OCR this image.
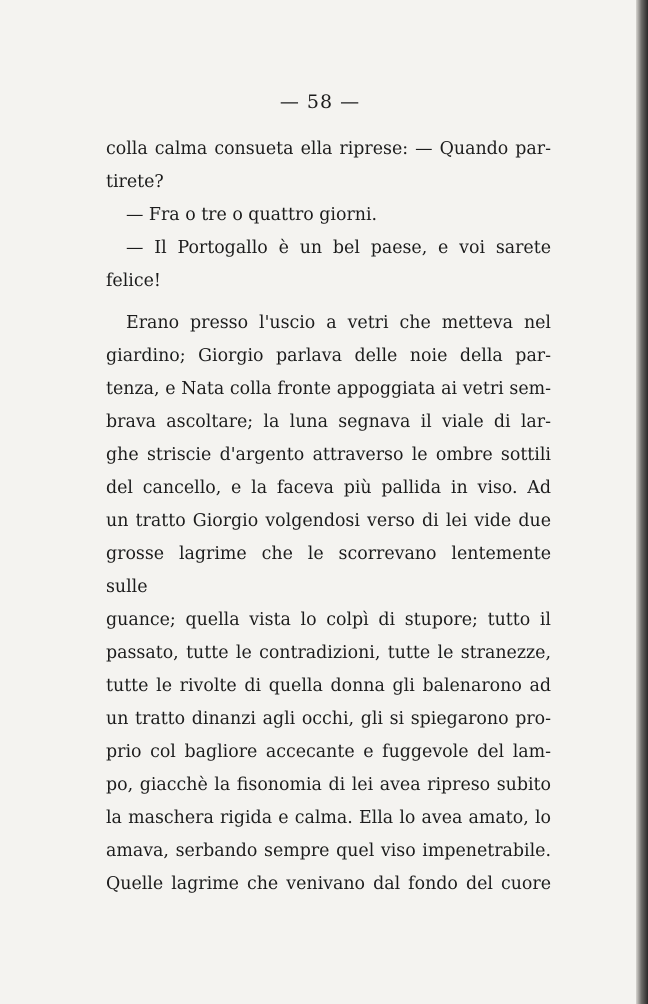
— 58 —

colla calma consueta ella riprese: — Quando par-

tirete?

— Fra o tre o quattro giorni.

— Il Portogallo è un bel paese, e voi sarete

felice!

Erano presso l'uscio a vetri che metteva nel

giardino; Giorgio parlava delle noie della par-

tenza, e Nata colla fronte appoggiata ai vetri sem-

brava ascoltare; la luna segnava il viale di lar-

ghe striscie d'argento attraverso le ombre sottili

del cancello, e la faceva più pallida in viso. Ad

un tratto Giorgio volgendosi verso di lei vide due

grosse lagrime che le scorrevano lentemente sulle

guance; quella vista lo colpì di stupore; tutto il

passato, tutte le contradizioni, tutte le stranezze,

tutte le rivolte di quella donna gli balenarono ad

un tratto dinanzi agli occhi, gli si spiegarono pro-

prio col bagliore accecante e fuggevole del lam-

po, giacchè la fisonomia di lei avea ripreso subito

la maschera rigida e calma. Ella lo avea amato, lo

amava, serbando sempre quel viso impenetrabile.

Quelle lagrime che venivano dal fondo del cuore
